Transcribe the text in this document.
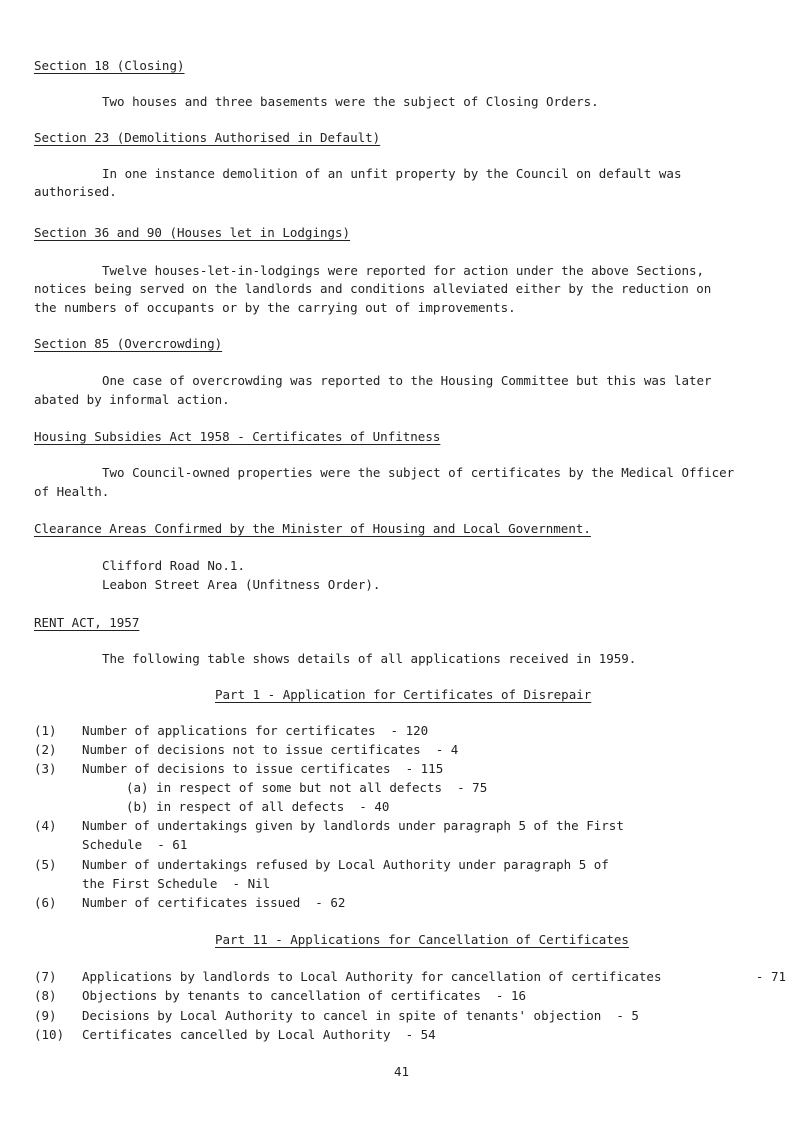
Section 18 (Closing)
Two houses and three basements were the subject of Closing Orders.
Section 23 (Demolitions Authorised in Default)
In one instance demolition of an unfit property by the Council on default was
authorised.
Section 36 and 90 (Houses let in Lodgings)
Twelve houses-let-in-lodgings were reported for action under the above Sections,
notices being served on the landlords and conditions alleviated either by the reduction on
the numbers of occupants or by the carrying out of improvements.
Section 85 (Overcrowding)
One case of overcrowding was reported to the Housing Committee but this was later
abated by informal action.
Housing Subsidies Act 1958 - Certificates of Unfitness
Two Council-owned properties were the subject of certificates by the Medical Officer
of Health.
Clearance Areas Confirmed by the Minister of Housing and Local Government.
Clifford Road No.1.
Leabon Street Area (Unfitness Order).
RENT ACT, 1957
The following table shows details of all applications received in 1959.
Part 1 - Application for Certificates of Disrepair
(1) Number of applications for certificates  - 120
(2) Number of decisions not to issue certificates  - 4
(3) Number of decisions to issue certificates  - 115
(a) in respect of some but not all defects  - 75
(b) in respect of all defects  - 40
(4) Number of undertakings given by landlords under paragraph 5 of the First
Schedule  - 61
(5) Number of undertakings refused by Local Authority under paragraph 5 of
the First Schedule  - Nil
(6) Number of certificates issued  - 62
Part 11 - Applications for Cancellation of Certificates
(7) Applications by landlords to Local Authority for cancellation of certificates	- 71
(8) Objections by tenants to cancellation of certificates  - 16
(9) Decisions by Local Authority to cancel in spite of tenants' objection  - 5
(10) Certificates cancelled by Local Authority  - 54
41
